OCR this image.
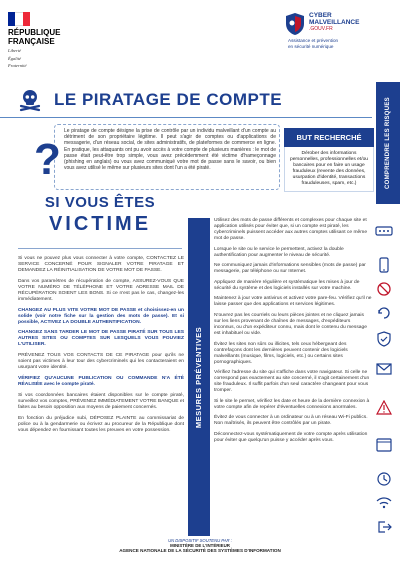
RÉPUBLIQUE
FRANÇAISE
Liberté
Égalité
Fraternité
CYBER
MALVEILLANCE
.GOUV.FR
Assistance et prévention
en sécurité numérique
LE PIRATAGE DE COMPTE	COMPRENDRE LES RISQUES
?
Le piratage de compte désigne la prise de contrôle par un individu malveillant d'un compte au détriment de son propriétaire légitime. Il peut s'agir de comptes ou d'applications de messagerie, d'un réseau social, de sites administratifs, de plateformes de commerce en ligne. En pratique, les attaquants ont pu avoir accès à votre compte de plusieurs manières : le mot de passe était peut-être trop simple, vous avez précédemment été victime d'hameçonnage (phishing en anglais) ou vous avez communiqué votre mot de passe sans le savoir, ou bien vous avez utilisé le même sur plusieurs sites dont l'un a été piraté.
BUT RECHERCHÉ
Dérober des informations personnelles, professionnelles et/ou bancaires pour en faire un usage frauduleux (revente des données, usurpation d'identité, transactions frauduleuses, spam, etc.)
SI VOUS ÊTES
VICTIME

Si vous ne pouvez plus vous connecter à votre compte, CONTACTEZ LE SERVICE CONCERNÉ POUR SIGNALER VOTRE PIRATAGE ET DEMANDEZ LA RÉINITIALISATION DE VOTRE MOT DE PASSE.

Dans vos paramètres de récupération de compte, ASSUREZ-VOUS QUE VOTRE NUMÉRO DE TÉLÉPHONE ET VOTRE ADRESSE MAIL DE RÉCUPÉRATION SOIENT LES BONS. Si ce n'est pas le cas, changez-les immédiatement.

CHANGEZ AU PLUS VITE VOTRE MOT DE PASSE et choisissez-en un solide (voir notre fiche sur la gestion des mots de passe). Et si possible, ACTIVEZ LA DOUBLE AUTHENTIFICATION.

CHANGEZ SANS TARDER LE MOT DE PASSE PIRATÉ SUR TOUS LES AUTRES SITES OU COMPTES SUR LESQUELS VOUS POUVIEZ L'UTILISER.

PRÉVENEZ TOUS VOS CONTACTS DE CE PIRATAGE pour qu'ils ne soient pas victimes à leur tour des cybercriminels qui les contacteraient en usurpant votre identité.

VÉRIFIEZ QU'AUCUNE PUBLICATION OU COMMANDE N'A ÉTÉ RÉALISÉE avec le compte piraté.

Si vos coordonnées bancaires étaient disponibles sur le compte piraté, surveillez vos comptes, PRÉVENEZ IMMÉDIATEMENT VOTRE BANQUE et faites au besoin opposition aux moyens de paiement concernés.

En fonction du préjudice subi, DÉPOSEZ PLAINTE au commissariat de police ou à la gendarmerie ou écrivez au procureur de la République dont vous dépendez en fournissant toutes les preuves en votre possession.

MESURES PRÉVENTIVES

Utilisez des mots de passe différents et complexes pour chaque site et application utilisés pour éviter que, si un compte est piraté, les cybercriminels puissent accéder aux autres comptes utilisant ce même mot de passe.

Lorsque le site ou le service le permettent, activez la double authentification pour augmenter le niveau de sécurité.

Ne communiquez jamais d'informations sensibles (mots de passe) par messagerie, par téléphone ou sur Internet.

Appliquez de manière régulière et systématique les mises à jour de sécurité du système et des logiciels installés sur votre machine.

Maintenez à jour votre antivirus et activez votre pare-feu. Vérifiez qu'il ne laisse passer que des applications et services légitimes.

N'ouvrez pas les courriels ou leurs pièces jointes et ne cliquez jamais sur les liens provenant de chaînes de messages, d'expéditeurs inconnus, ou d'un expéditeur connu, mais dont le contenu du message est inhabituel ou vide.

Évitez les sites non sûrs ou illicites, tels ceux hébergeant des contrefaçons dont les dernières peuvent contenir des logiciels malveillants (musique, films, logiciels, etc.) ou certains sites pornographiques.

Vérifiez l'adresse du site qui s'affiche dans votre navigateur. Si celle ne correspond pas exactement au site concerné, il s'agit certainement d'un site frauduleux. Il suffit parfois d'un seul caractère changeant pour vous tromper.

Si le site le permet, vérifiez les date et heure de la dernière connexion à votre compte afin de repérer d'éventuelles connexions anormales.

Évitez de vous connecter à un ordinateur ou à un réseau Wi-Fi publics. Non maîtrisés, ils peuvent être contrôlés par un pirate.

Déconnectez-vous systématiquement de votre compte après utilisation pour éviter que quelqu'un puisse y accéder après vous.

UN DISPOSITIF SOUTENU PAR :
MINISTÈRE DE L'INTÉRIEUR
AGENCE NATIONALE DE LA SÉCURITÉ DES SYSTÈMES D'INFORMATION
